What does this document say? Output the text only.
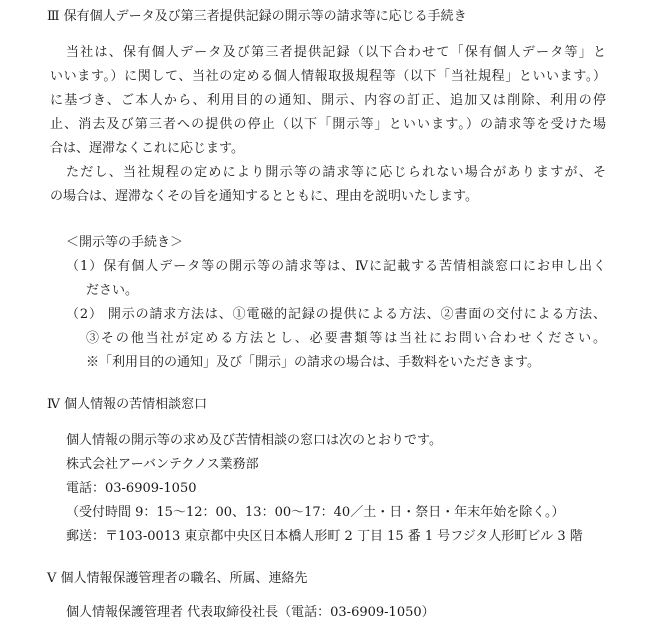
Ⅲ 保有個人データ及び第三者提供記録の開示等の請求等に応じる手続き
当社は、保有個人データ及び第三者提供記録（以下合わせて「保有個人データ等」と
いいます。）に関して、当社の定める個人情報取扱規程等（以下「当社規程」といいます。）
に基づき、ご本人から、利用目的の通知、開示、内容の訂正、追加又は削除、利用の停
止、消去及び第三者への提供の停止（以下「開示等」といいます。）の請求等を受けた場
合は、遅滞なくこれに応じます。
ただし、当社規程の定めにより開示等の請求等に応じられない場合がありますが、そ
の場合は、遅滞なくその旨を通知するとともに、理由を説明いたします。
＜開示等の手続き＞
（1）保有個人データ等の開示等の請求等は、Ⅳに記載する苦情相談窓口にお申し出く
ださい。
（2） 開示の請求方法は、①電磁的記録の提供による方法、②書面の交付による方法、
③その他当社が定める方法とし、必要書類等は当社にお問い合わせください。
※「利用目的の通知」及び「開示」の請求の場合は、手数料をいただきます。
Ⅳ 個人情報の苦情相談窓口
個人情報の開示等の求め及び苦情相談の窓口は次のとおりです。
株式会社アーバンテクノス業務部
電話：03-6909-1050
（受付時間 9：15～12：00、13：00～17：40／土・日・祭日・年末年始を除く。）
郵送：〒103-0013 東京都中央区日本橋人形町 2 丁目 15 番 1 号フジタ人形町ビル 3 階
Ⅴ 個人情報保護管理者の職名、所属、連絡先
個人情報保護管理者 代表取締役社長（電話：03-6909-1050）
